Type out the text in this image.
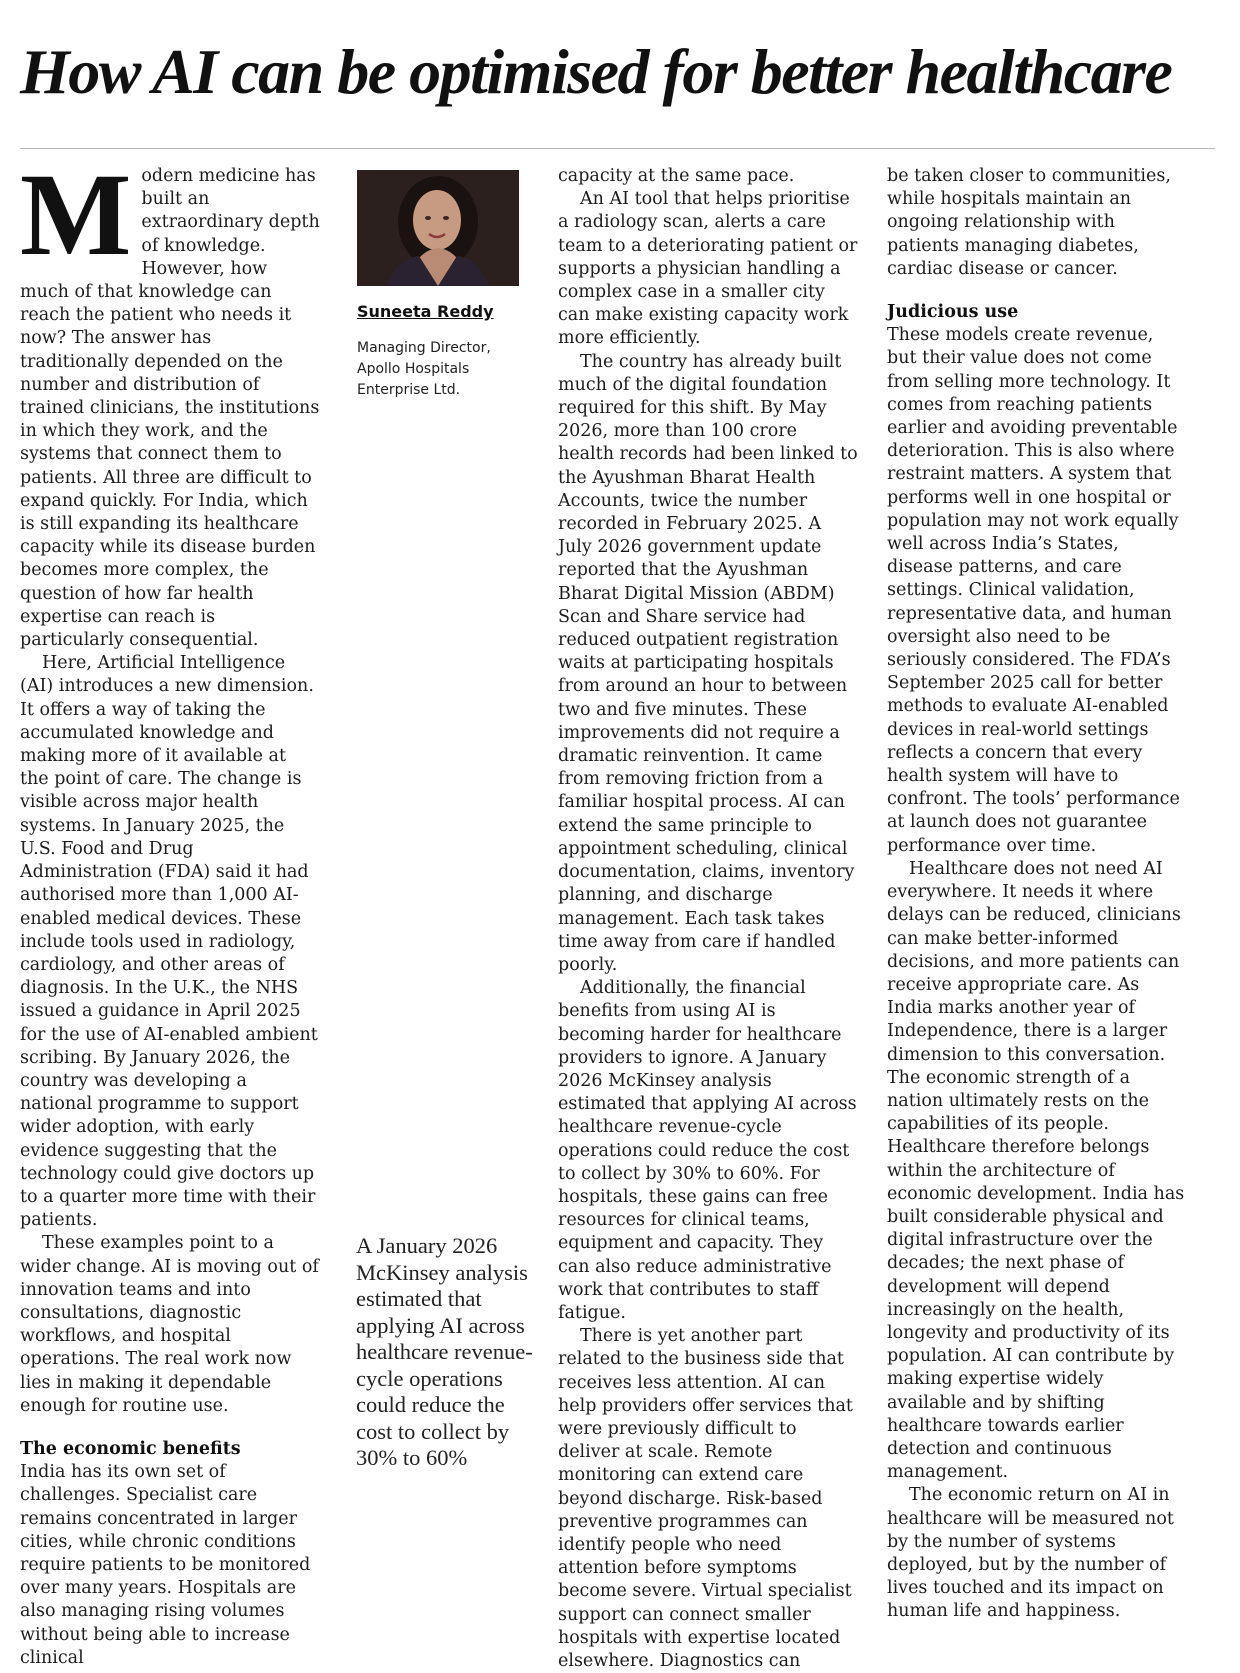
How AI can be optimised for better healthcare

Modern medicine has built an extraordinary depth of knowledge. However, how much of that knowledge can reach the patient who needs it now? The answer has traditionally depended on the number and distribution of trained clinicians, the institutions in which they work, and the systems that connect them to patients. All three are difficult to expand quickly. For India, which is still expanding its healthcare capacity while its disease burden becomes more complex, the question of how far health expertise can reach is particularly consequential.

Here, Artificial Intelligence (AI) introduces a new dimension. It offers a way of taking the accumulated knowledge and making more of it available at the point of care. The change is visible across major health systems. In January 2025, the U.S. Food and Drug Administration (FDA) said it had authorised more than 1,000 AI-enabled medical devices. These include tools used in radiology, cardiology, and other areas of diagnosis. In the U.K., the NHS issued a guidance in April 2025 for the use of AI-enabled ambient scribing. By January 2026, the country was developing a national programme to support wider adoption, with early evidence suggesting that the technology could give doctors up to a quarter more time with their patients.

These examples point to a wider change. AI is moving out of innovation teams and into consultations, diagnostic workflows, and hospital operations. The real work now lies in making it dependable enough for routine use.

The economic benefits

India has its own set of challenges. Specialist care remains concentrated in larger cities, while chronic conditions require patients to be monitored over many years. Hospitals are also managing rising volumes without being able to increase clinical

Suneeta Reddy
Managing Director,
Apollo Hospitals
Enterprise Ltd.
A January 2026 McKinsey analysis estimated that applying AI across healthcare revenue-cycle operations could reduce the cost to collect by 30% to 60%

capacity at the same pace.

An AI tool that helps prioritise a radiology scan, alerts a care team to a deteriorating patient or supports a physician handling a complex case in a smaller city can make existing capacity work more efficiently.

The country has already built much of the digital foundation required for this shift. By May 2026, more than 100 crore health records had been linked to the Ayushman Bharat Health Accounts, twice the number recorded in February 2025. A July 2026 government update reported that the Ayushman Bharat Digital Mission (ABDM) Scan and Share service had reduced outpatient registration waits at participating hospitals from around an hour to between two and five minutes. These improvements did not require a dramatic reinvention. It came from removing friction from a familiar hospital process. AI can extend the same principle to appointment scheduling, clinical documentation, claims, inventory planning, and discharge management. Each task takes time away from care if handled poorly.

Additionally, the financial benefits from using AI is becoming harder for healthcare providers to ignore. A January 2026 McKinsey analysis estimated that applying AI across healthcare revenue-cycle operations could reduce the cost to collect by 30% to 60%. For hospitals, these gains can free resources for clinical teams, equipment and capacity. They can also reduce administrative work that contributes to staff fatigue.

There is yet another part related to the business side that receives less attention. AI can help providers offer services that were previously difficult to deliver at scale. Remote monitoring can extend care beyond discharge. Risk-based preventive programmes can identify people who need attention before symptoms become severe. Virtual specialist support can connect smaller hospitals with expertise located elsewhere. Diagnostics can

be taken closer to communities, while hospitals maintain an ongoing relationship with patients managing diabetes, cardiac disease or cancer.

Judicious use

These models create revenue, but their value does not come from selling more technology. It comes from reaching patients earlier and avoiding preventable deterioration. This is also where restraint matters. A system that performs well in one hospital or population may not work equally well across India’s States, disease patterns, and care settings. Clinical validation, representative data, and human oversight also need to be seriously considered. The FDA’s September 2025 call for better methods to evaluate AI-enabled devices in real-world settings reflects a concern that every health system will have to confront. The tools’ performance at launch does not guarantee performance over time.

Healthcare does not need AI everywhere. It needs it where delays can be reduced, clinicians can make better-informed decisions, and more patients can receive appropriate care. As India marks another year of Independence, there is a larger dimension to this conversation. The economic strength of a nation ultimately rests on the capabilities of its people. Healthcare therefore belongs within the architecture of economic development. India has built considerable physical and digital infrastructure over the decades; the next phase of development will depend increasingly on the health, longevity and productivity of its population. AI can contribute by making expertise widely available and by shifting healthcare towards earlier detection and continuous management.

The economic return on AI in healthcare will be measured not by the number of systems deployed, but by the number of lives touched and its impact on human life and happiness.
